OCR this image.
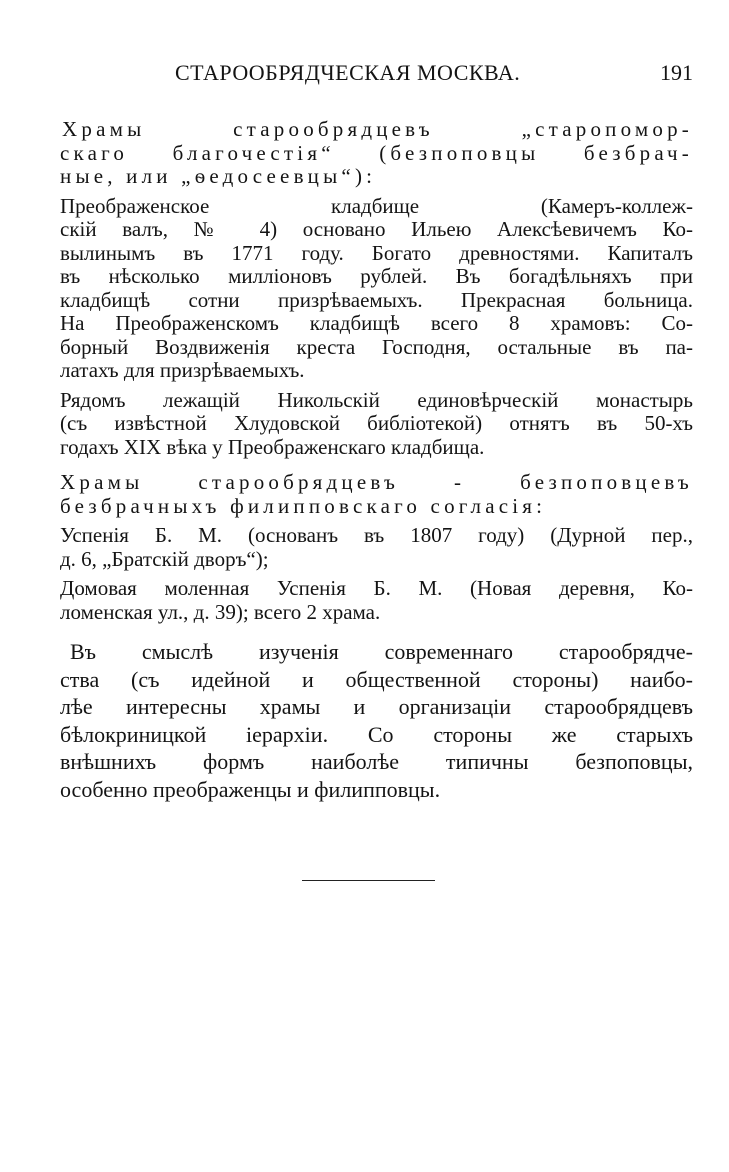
СТАРООБРЯДЧЕСКАЯ МОСКВА.	191
Храмы старообрядцевъ „старопомор-
скаго благочестія“ (безпоповцы безбрач-
ные, или „ѳедосеевцы“):
Преображенское кладбище (Камеръ-коллеж-
скій валъ, № 4) основано Ильею Алексѣевичемъ Ко-
вылинымъ въ 1771 году. Богато древностями. Капиталъ
въ нѣсколько милліоновъ рублей. Въ богадѣльняхъ при
кладбищѣ сотни призрѣваемыхъ. Прекрасная больница.
На Преображенскомъ кладбищѣ всего 8 храмовъ: Со-
борный Воздвиженія креста Господня, остальные въ па-
латахъ для призрѣваемыхъ.
Рядомъ лежащій Никольскій единовѣрческій монастырь
(съ извѣстной Хлудовской библіотекой) отнятъ въ 50-хъ
годахъ XIX вѣка у Преображенскаго кладбища.
Храмы старообрядцевъ - безпоповцевъ
безбрачныхъ филипповскаго согласія:
Успенія Б. М. (основанъ въ 1807 году) (Дурной пер.,
д. 6, „Братскій дворъ“);
Домовая моленная Успенія Б. М. (Новая деревня, Ко-
ломенская ул., д. 39); всего 2 храма.
Въ смыслѣ изученія современнаго старообрядче-
ства (съ идейной и общественной стороны) наибо-
лѣе интересны храмы и организаціи старообрядцевъ
бѣлокриницкой іерархіи. Со стороны же старыхъ
внѣшнихъ формъ наиболѣе типичны безпоповцы,
особенно преображенцы и филипповцы.
